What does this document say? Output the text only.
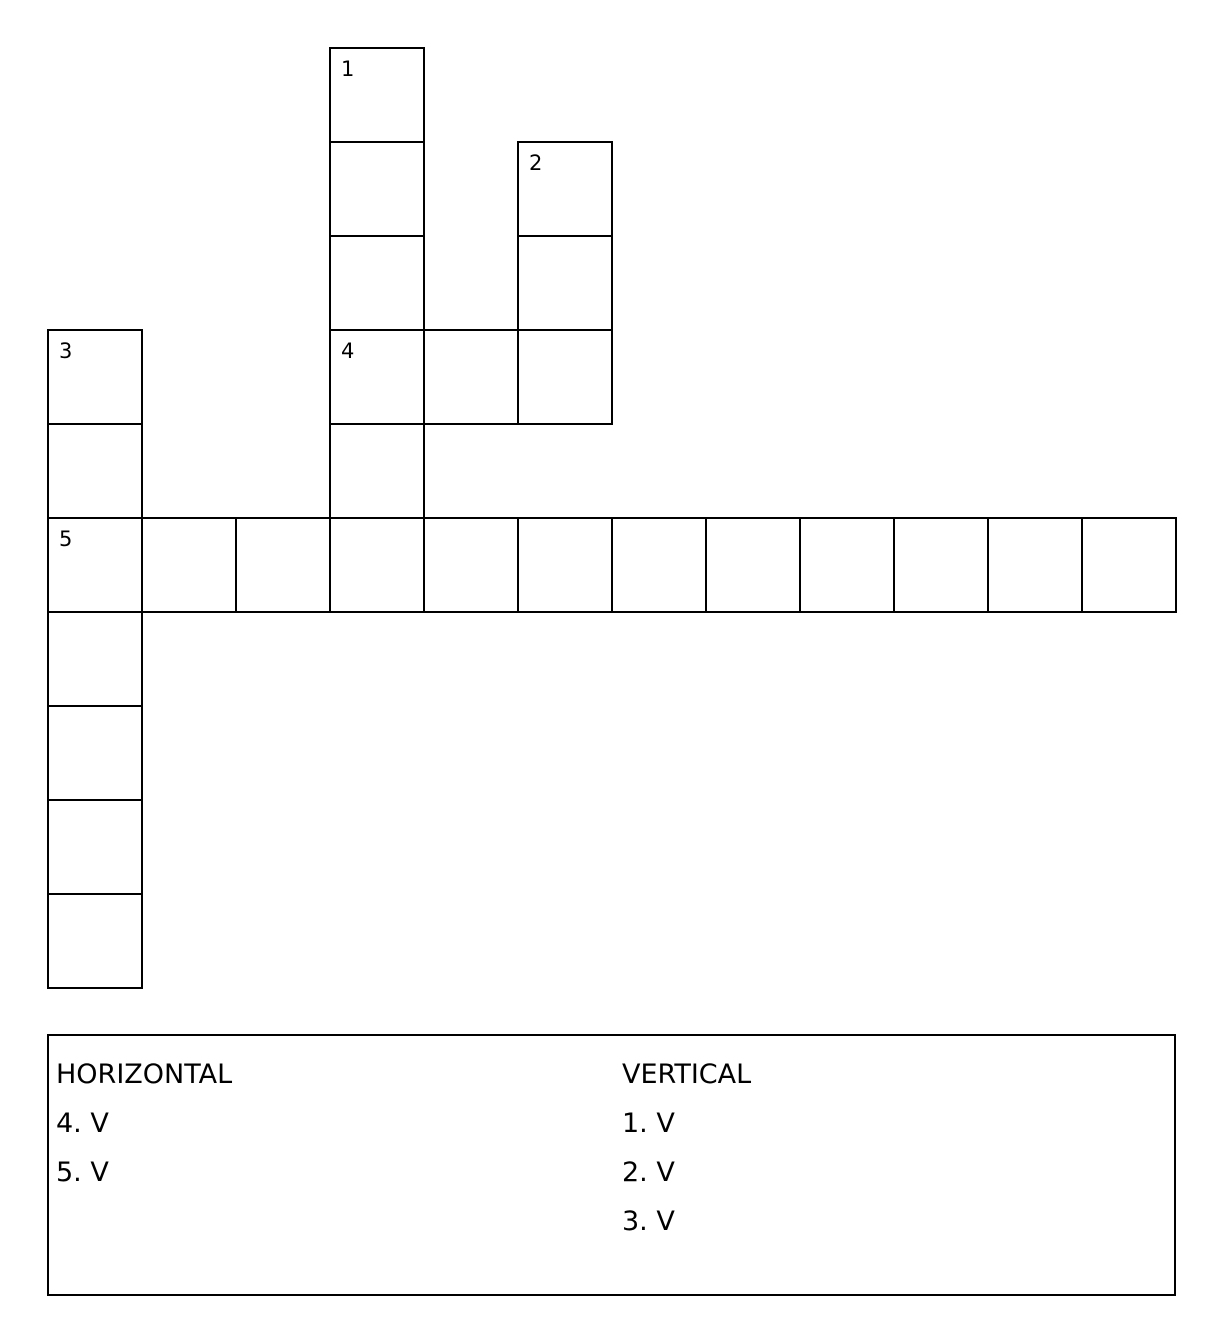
1
4
2
3
5
HORIZONTAL
4. V
5. V
VERTICAL
1. V
2. V
3. V
